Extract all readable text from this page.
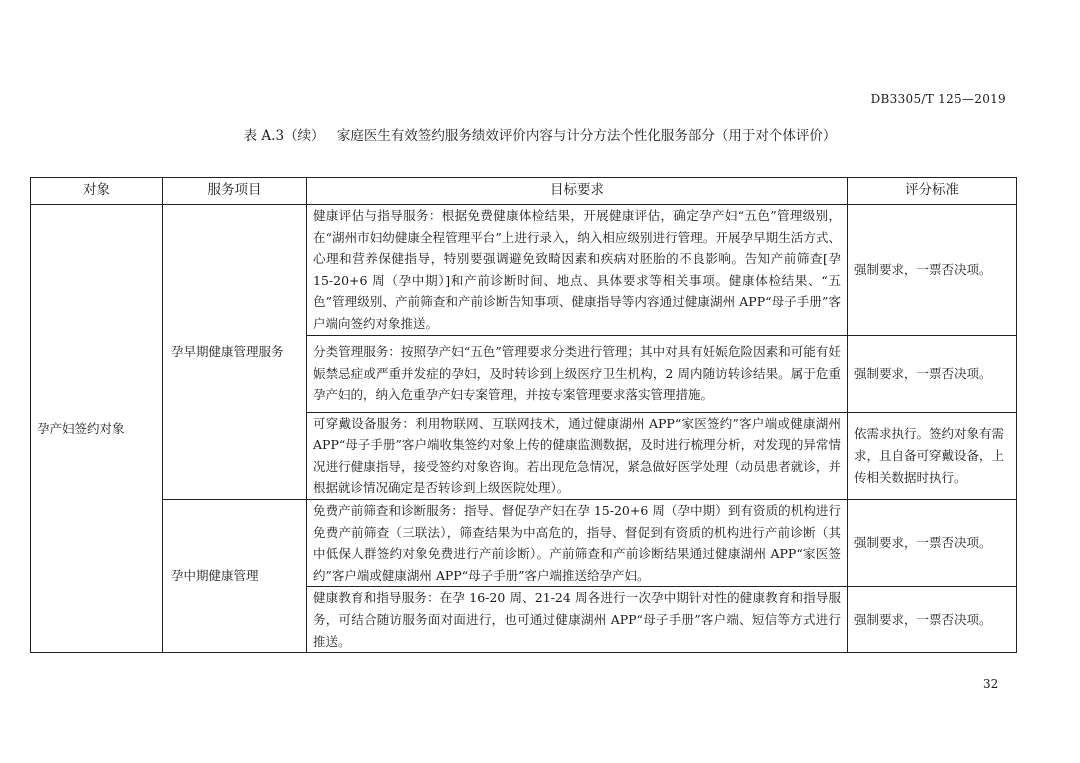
DB3305/T 125—2019
表 A.3（续） 家庭医生有效签约服务绩效评价内容与计分方法个性化服务部分（用于对个体评价）
对象	服务项目	目标要求	评分标准
孕产妇签约对象	孕早期健康管理服务	健康评估与指导服务：根据免费健康体检结果，开展健康评估，确定孕产妇“五色”管理级别，在“湖州市妇幼健康全程管理平台”上进行录入，纳入相应级别进行管理。开展孕早期生活方式、心理和营养保健指导，特别要强调避免致畸因素和疾病对胚胎的不良影响。告知产前筛查[孕 15-20+6 周（孕中期）]和产前诊断时间、地点、具体要求等相关事项。健康体检结果、“五色”管理级别、产前筛查和产前诊断告知事项、健康指导等内容通过健康湖州 APP“母子手册”客户端向签约对象推送。	强制要求，一票否决项。
		分类管理服务：按照孕产妇“五色”管理要求分类进行管理；其中对具有妊娠危险因素和可能有妊娠禁忌症或严重并发症的孕妇，及时转诊到上级医疗卫生机构，2 周内随访转诊结果。属于危重孕产妇的，纳入危重孕产妇专案管理，并按专案管理要求落实管理措施。	强制要求，一票否决项。
		可穿戴设备服务：利用物联网、互联网技术，通过健康湖州 APP“家医签约”客户端或健康湖州 APP“母子手册”客户端收集签约对象上传的健康监测数据，及时进行梳理分析，对发现的异常情况进行健康指导，接受签约对象咨询。若出现危急情况，紧急做好医学处理（动员患者就诊，并根据就诊情况确定是否转诊到上级医院处理）。	依需求执行。签约对象有需求，且自备可穿戴设备，上传相关数据时执行。
	孕中期健康管理	免费产前筛查和诊断服务：指导、督促孕产妇在孕 15-20+6 周（孕中期）到有资质的机构进行免费产前筛查（三联法），筛查结果为中高危的，指导、督促到有资质的机构进行产前诊断（其中低保人群签约对象免费进行产前诊断）。产前筛查和产前诊断结果通过健康湖州 APP“家医签约”客户端或健康湖州 APP“母子手册”客户端推送给孕产妇。	强制要求，一票否决项。
		健康教育和指导服务：在孕 16-20 周、21-24 周各进行一次孕中期针对性的健康教育和指导服务，可结合随访服务面对面进行，也可通过健康湖州 APP“母子手册”客户端、短信等方式进行推送。	强制要求，一票否决项。
32
